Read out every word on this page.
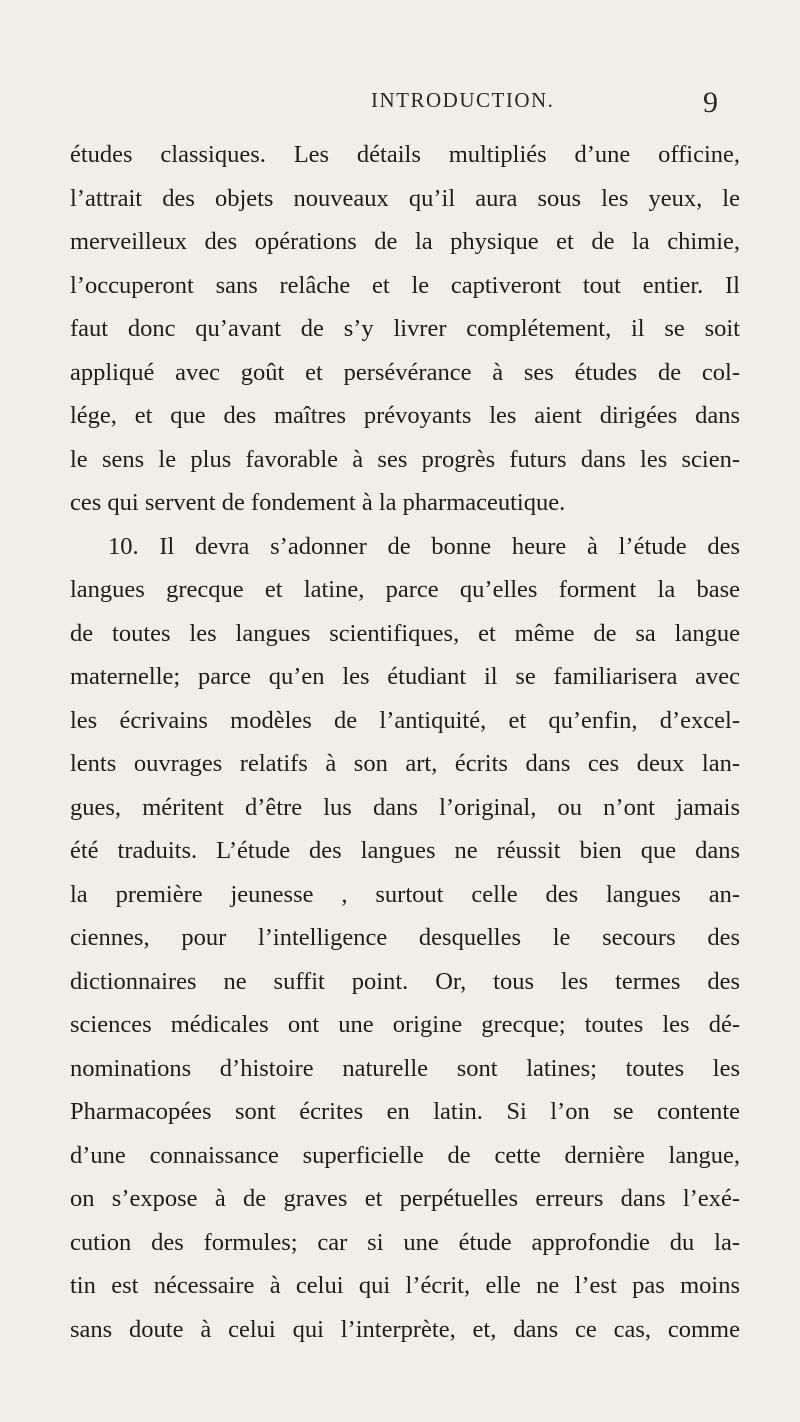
INTRODUCTION.	9
études classiques. Les détails multipliés d’une officine,
l’attrait des objets nouveaux qu’il aura sous les yeux, le
merveilleux des opérations de la physique et de la chimie,
l’occuperont sans relâche et le captiveront tout entier. Il
faut donc qu’avant de s’y livrer complétement, il se soit
appliqué avec goût et persévérance à ses études de col-
lége, et que des maîtres prévoyants les aient dirigées dans
le sens le plus favorable à ses progrès futurs dans les scien-
ces qui servent de fondement à la pharmaceutique.
10. Il devra s’adonner de bonne heure à l’étude des
langues grecque et latine, parce qu’elles forment la base
de toutes les langues scientifiques, et même de sa langue
maternelle; parce qu’en les étudiant il se familiarisera avec
les écrivains modèles de l’antiquité, et qu’enfin, d’excel-
lents ouvrages relatifs à son art, écrits dans ces deux lan-
gues, méritent d’être lus dans l’original, ou n’ont jamais
été traduits. L’étude des langues ne réussit bien que dans
la première jeunesse , surtout celle des langues an-
ciennes, pour l’intelligence desquelles le secours des
dictionnaires ne suffit point. Or, tous les termes des
sciences médicales ont une origine grecque; toutes les dé-
nominations d’histoire naturelle sont latines; toutes les
Pharmacopées sont écrites en latin. Si l’on se contente
d’une connaissance superficielle de cette dernière langue,
on s’expose à de graves et perpétuelles erreurs dans l’exé-
cution des formules; car si une étude approfondie du la-
tin est nécessaire à celui qui l’écrit, elle ne l’est pas moins
sans doute à celui qui l’interprète, et, dans ce cas, comme
